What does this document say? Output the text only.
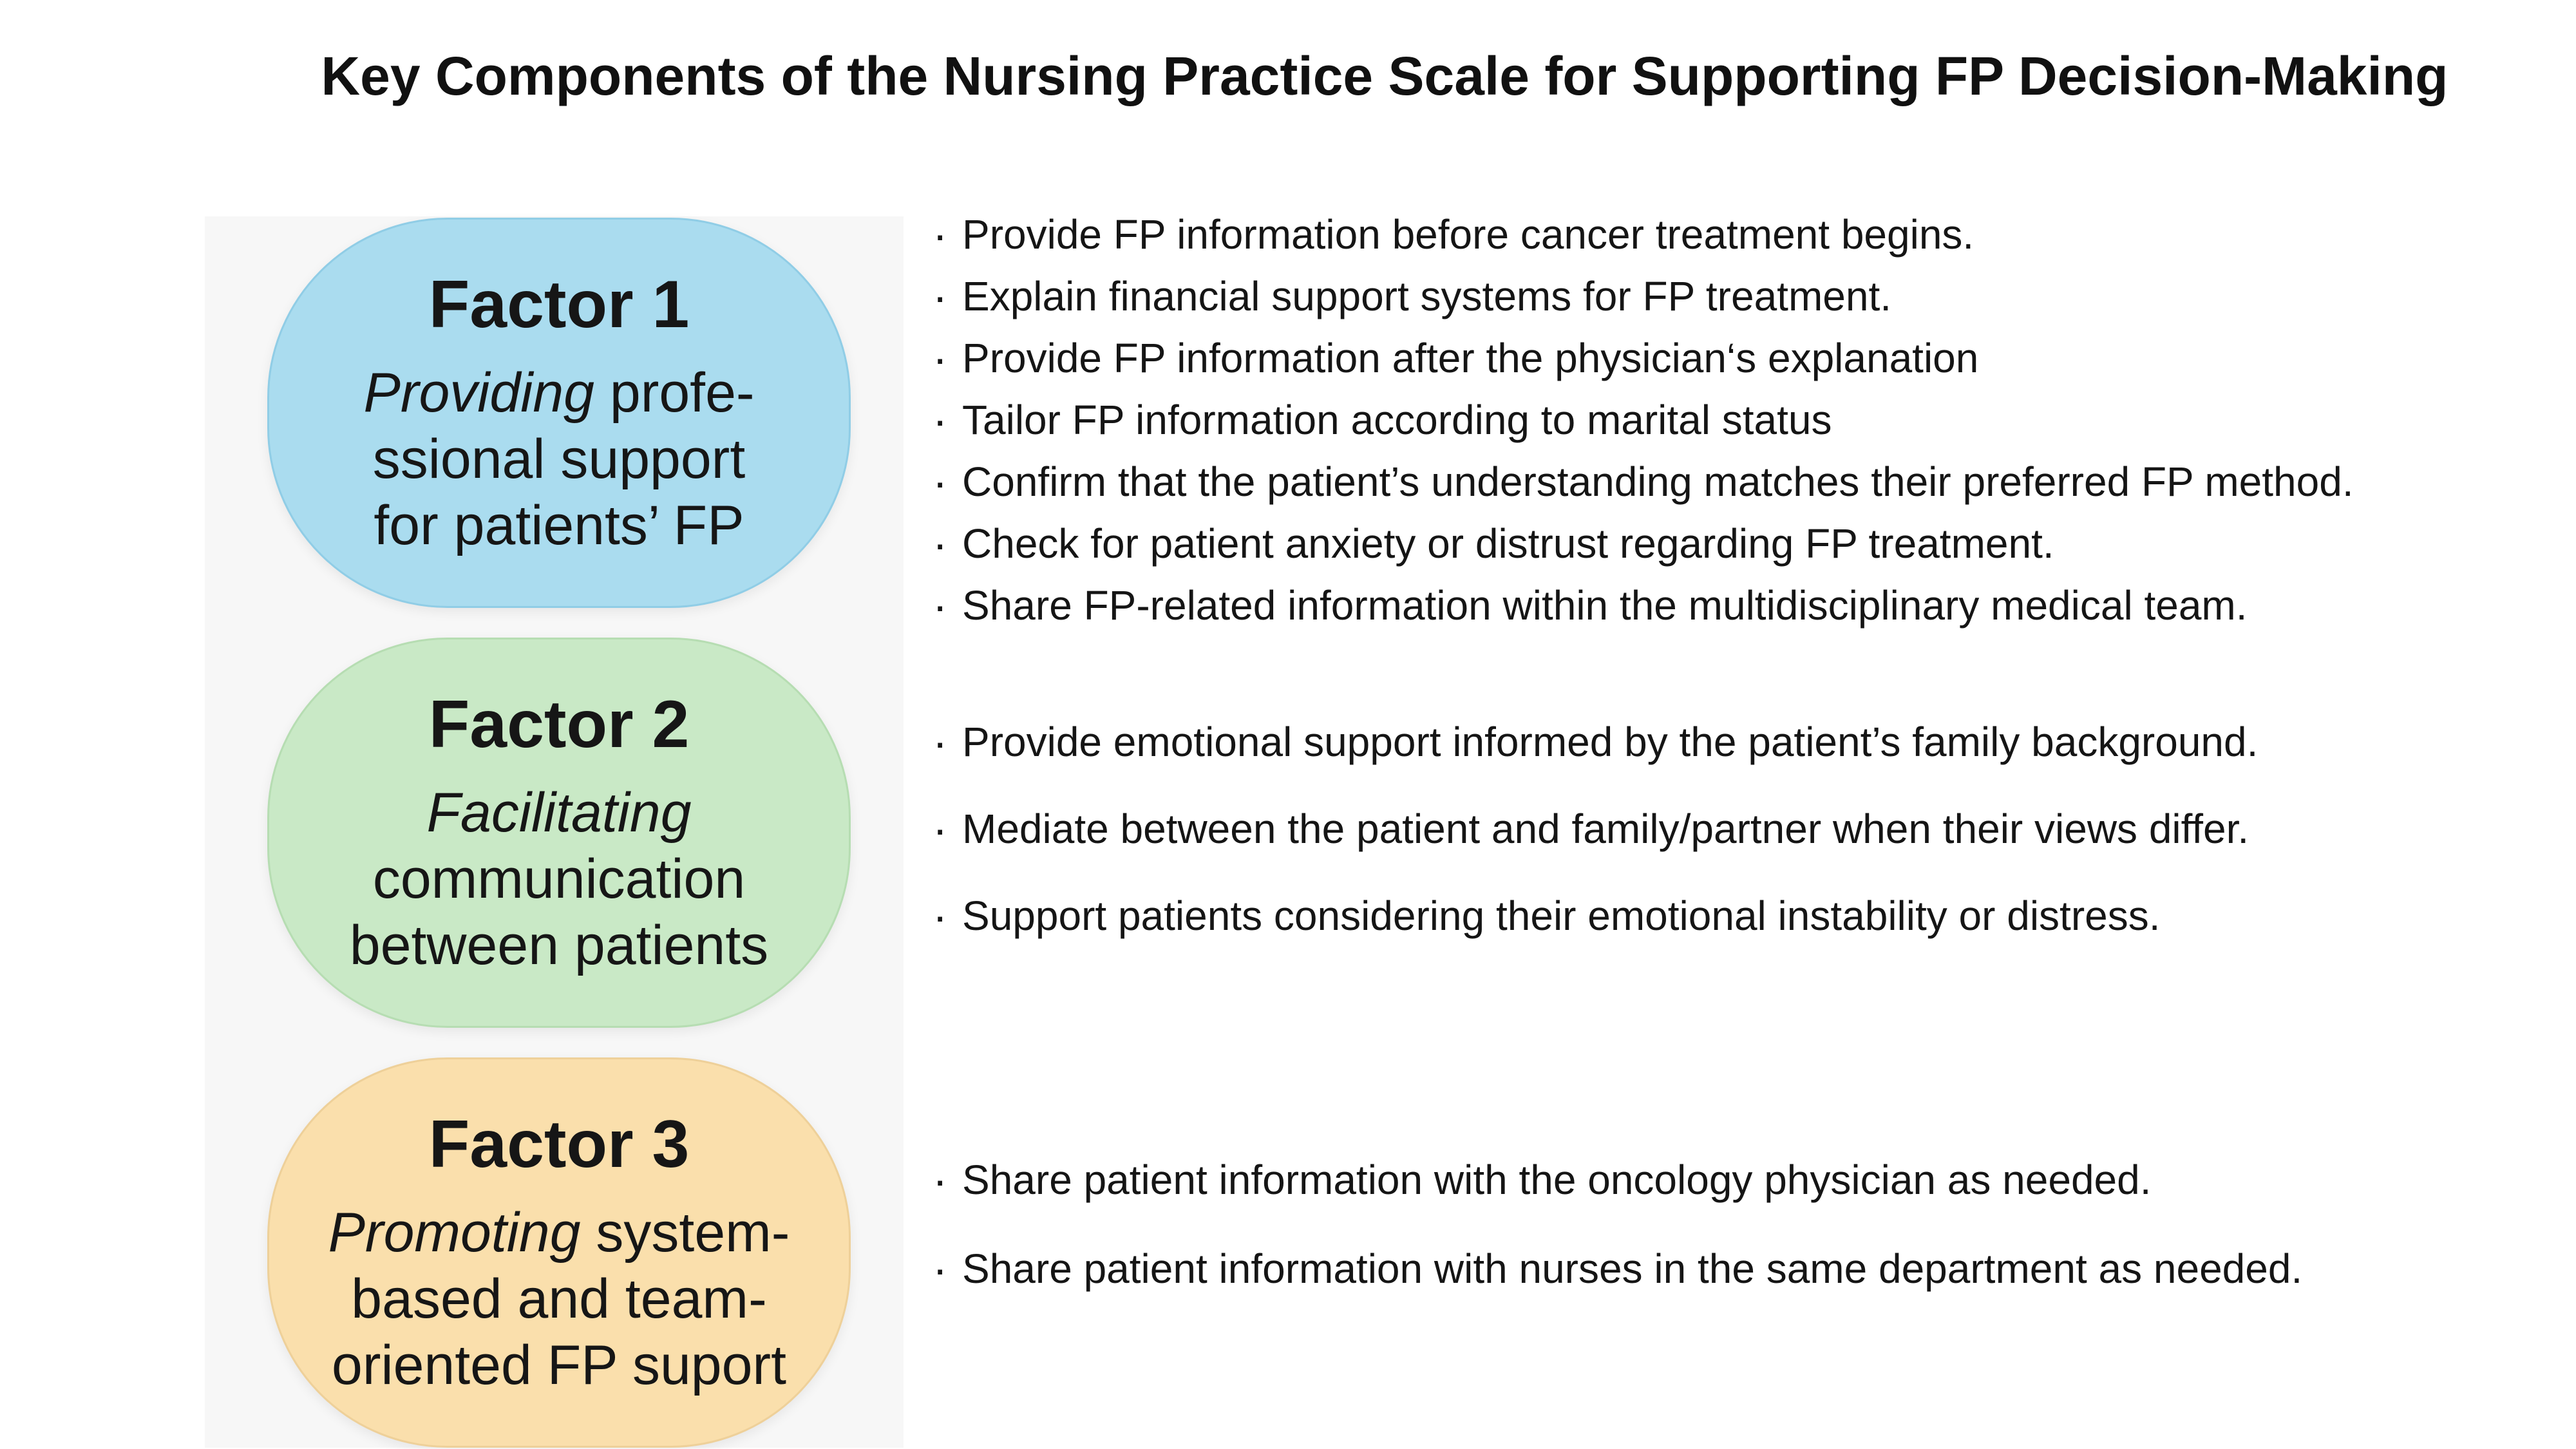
Key Components of the Nursing Practice Scale for Supporting FP Decision-Making
Factor 1
Providing profe-
ssional support
for patients’ FP
Factor 2
Facilitating
communication
between patients
Factor 3
Promoting system-
based and team-
oriented FP suport
· Provide FP information before cancer treatment begins.
· Explain financial support systems for FP treatment.
· Provide FP information after the physician‘s explanation
· Tailor FP information according to marital status
· Confirm that the patient’s understanding matches their preferred FP method.
· Check for patient anxiety or distrust regarding FP treatment.
· Share FP-related information within the multidisciplinary medical team.
· Provide emotional support informed by the patient’s family background.
· Mediate between the patient and family/partner when their views differ.
· Support patients considering their emotional instability or distress.
· Share patient information with the oncology physician as needed.
· Share patient information with nurses in the same department as needed.
